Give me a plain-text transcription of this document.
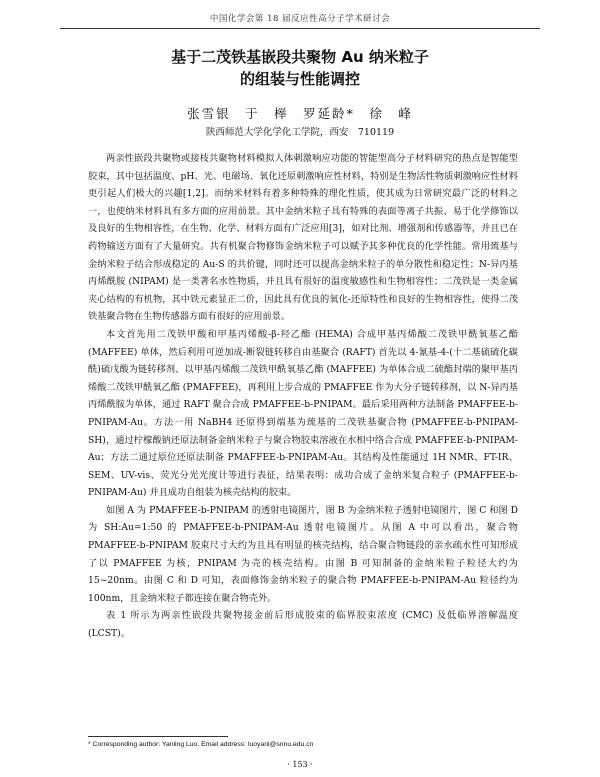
中国化学会第 18 届反应性高分子学术研讨会
基于二茂铁基嵌段共聚物 Au 纳米粒子
的组装与性能调控
张雪银　于　榉　罗延龄*　徐　峰
陕西师范大学化学化工学院，西安　710119

两亲性嵌段共聚物或接枝共聚物材料模拟人体刺激响应功能的智能型高分子材料研究的热点是智能型胶束，其中包括温度、pH、光、电磁场、氧化还原刺激响应性材料，特别是生物活性物质刺激响应性材料更引起人们极大的兴趣[1,2]。而纳米材料有着多种特殊的理化性质，使其成为日常研究最广泛的材料之一，也使纳米材料具有多方面的应用前景。其中金纳米粒子具有特殊的表面等离子共振、易于化学修饰以及良好的生物相容性，在生物、化学、材料方面有广泛应用[3]，如对比剂、增强剂和传感器等，并且已在药物输送方面有了大量研究。共有机聚合物修饰金纳米粒子可以赋予其多种优良的化学性能。常用巯基与金纳米粒子结合形成稳定的 Au-S 的共价键，同时还可以提高金纳米粒子的单分散性和稳定性；N-异丙基丙烯酰胺 (NIPAM) 是一类著名水性物质，并且具有很好的温度敏感性和生物相容性；二茂铁是一类金属夹心结构的有机物，其中铁元素显正二价，因此具有优良的氧化-还原特性和良好的生物相容性，使得二茂铁基聚合物在生物传感器方面有很好的应用前景。

本文首先用二茂铁甲酸和甲基丙烯酸-β-羟乙酯 (HEMA) 合成甲基丙烯酸二茂铁甲酰氧基乙酯 (MAFFEE) 单体，然后利用可逆加成-断裂链转移自由基聚合 (RAFT) 首先以 4-氰基-4-(十二基硫硫化碳酰)硫戊酸为链转移剂、以甲基丙烯酸二茂铁甲酰氧基乙酯 (MAFFEE) 为单体合成二硫酯封端的聚甲基丙烯酸二茂铁甲酰氧乙酯 (PMAFFEE)，再利用上步合成的 PMAFFEE 作为大分子链转移剂，以 N-异丙基丙烯酰胺为单体，通过 RAFT 聚合合成 PMAFFEE-b-PNIPAM。最后采用两种方法制备 PMAFFEE-b-PNIPAM-Au。方法一用 NaBH4 还原得到端基为巯基的二茂铁基聚合物 (PMAFFEE-b-PNIPAM-SH)，通过柠檬酸钠还原法制备金纳米粒子与聚合物胶束溶液在水相中络合合成 PMAFFEE-b-PNIPAM-Au；方法二通过原位还原法制备 PMAFFEE-b-PNIPAM-Au。其结构及性能通过 1H NMR、FT-IR、SEM、UV-vis、荧光分光光度计等进行表征，结果表明：成功合成了金纳米复合粒子 (PMAFFEE-b-PNIPAM-Au) 并且成功自组装为核壳结构的胶束。

如图 A 为 PMAFFEE-b-PNIPAM 的透射电镜图片，图 B 为金纳米粒子透射电镜图片，图 C 和图 D 为 SH:Au=1:50 的 PMAFFEE-b-PNIPAM-Au 透射电镜图片。从图 A 中可以看出，聚合物 PMAFFEE-b-PNIPAM 胶束尺寸大约为且具有明显的核壳结构，结合聚合物链段的亲水疏水性可知形成了以 PMAFFEE 为核，PNIPAM 为壳的核壳结构。由图 B 可知制备的金纳米粒子粒径大约为 15~20nm。由图 C 和 D 可知，表面修饰金纳米粒子的聚合物 PMAFFEE-b-PNIPAM-Au 粒径约为 100nm，且金纳米粒子都连接在聚合物壳外。

表 1 所示为两亲性嵌段共聚物接金前后形成胶束的临界胶束浓度 (CMC) 及低临界溶解温度 (LCST)。

* Corresponding author: Yanling Luo, Email address: luoyanl@snnu.edu.cn
· 153 ·
